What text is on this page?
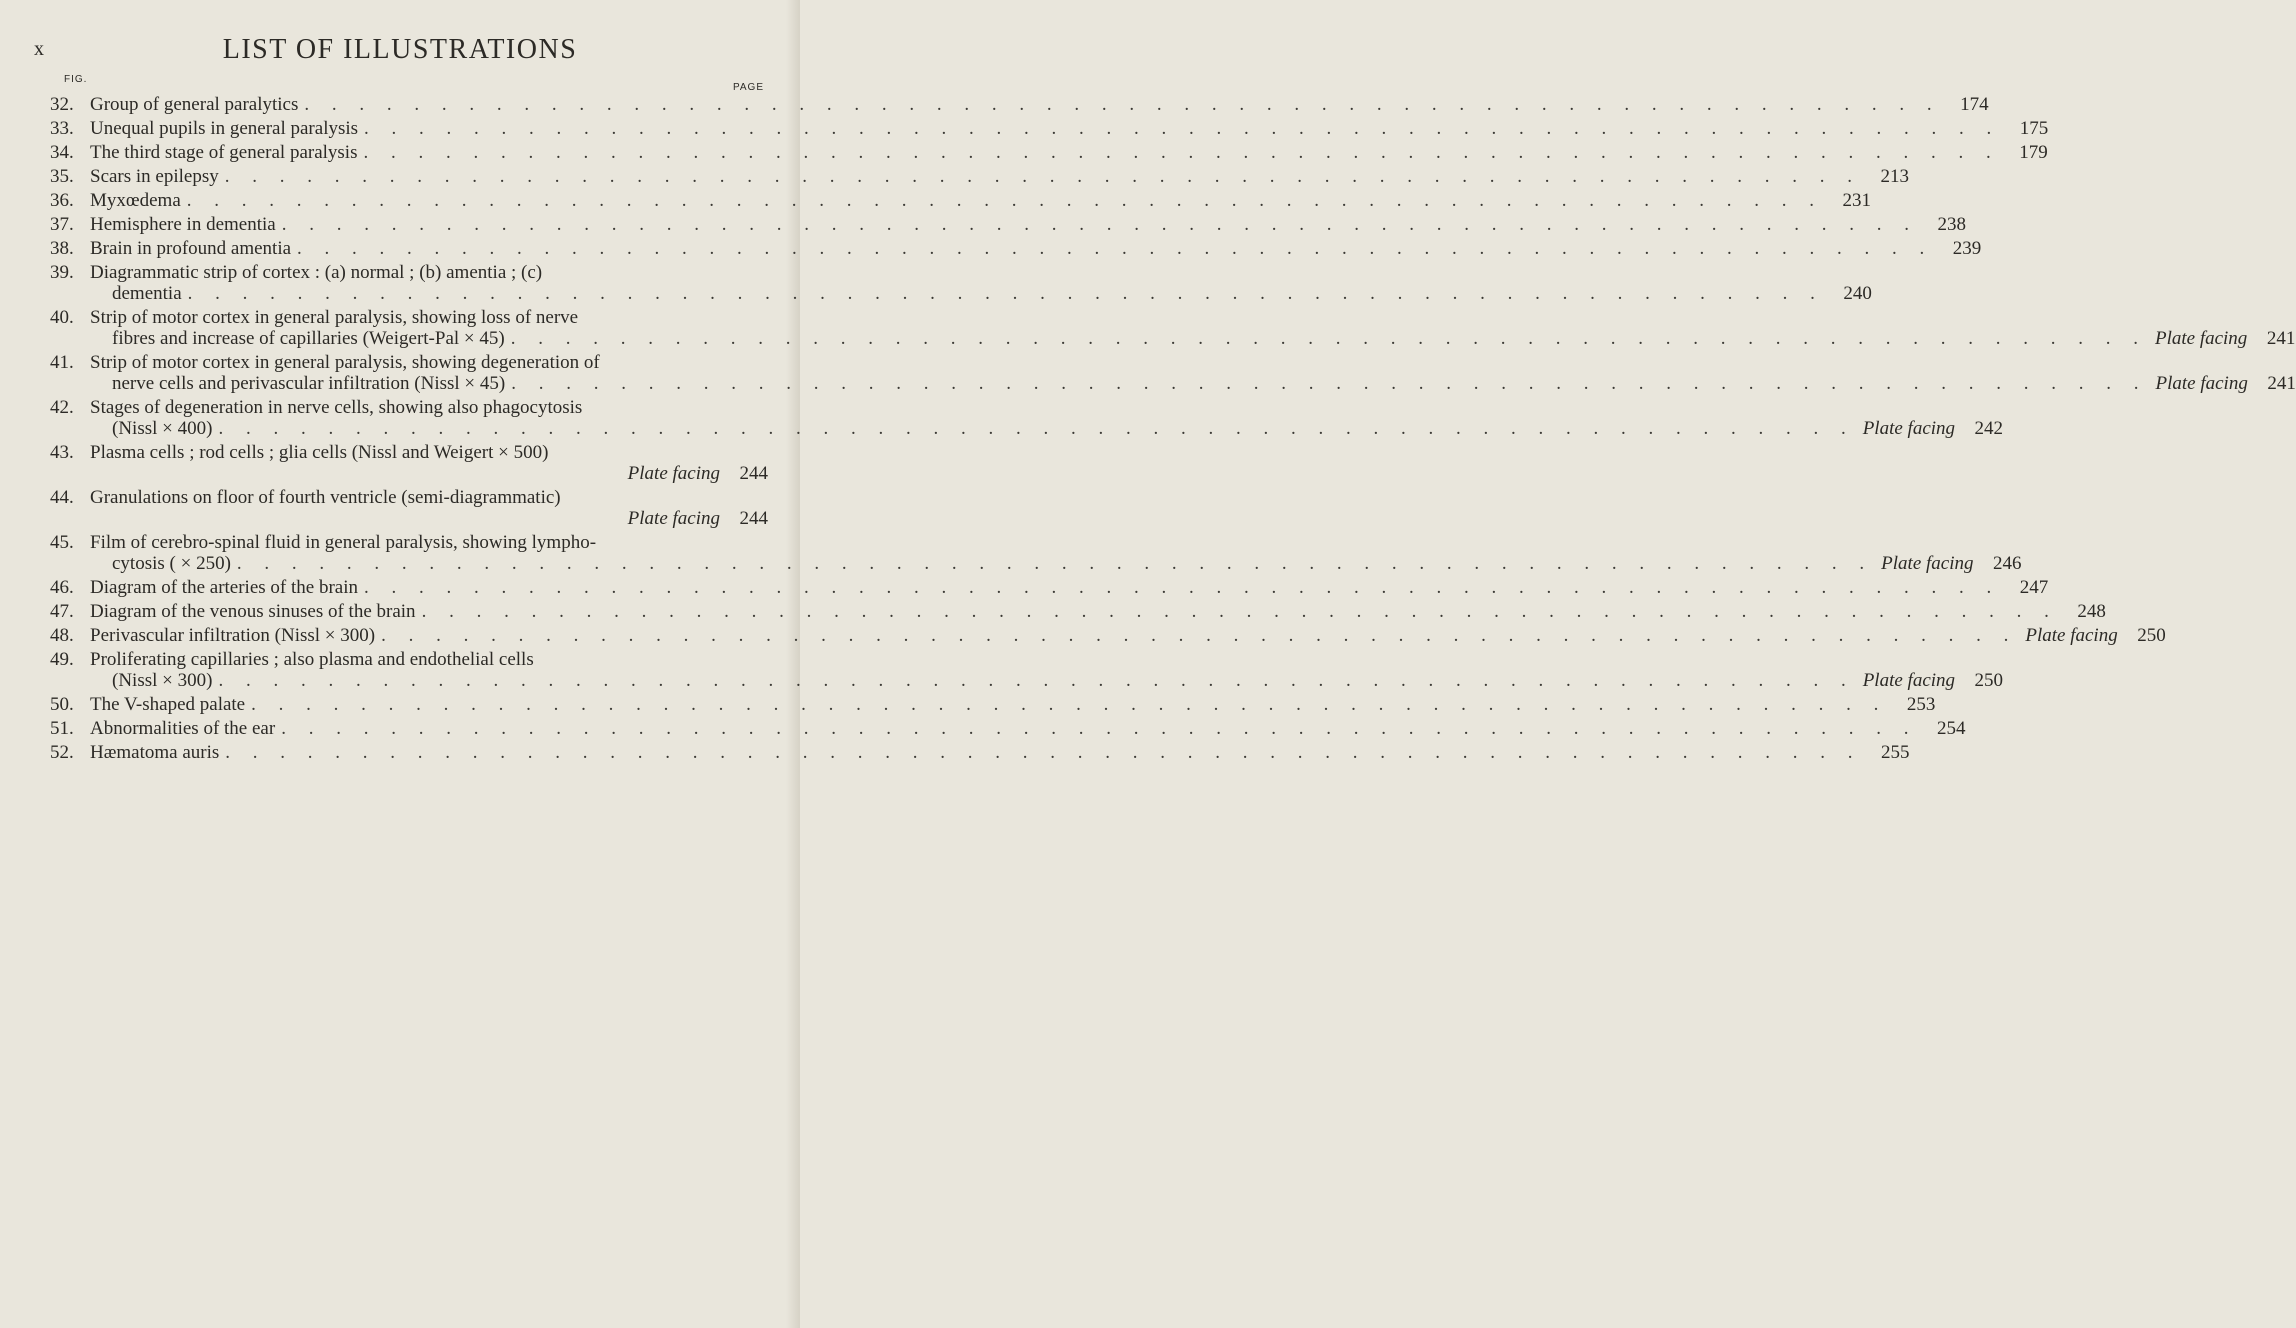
x	LIST OF ILLUSTRATIONS
FIG.
PAGE
32. Group of general paralytics . . . . . . . . . . . . . . . . . . . . . . . . . . . . . . . . . . . . . . . . . . . . . . . . . . . . . . . . . . . .	174
33. Unequal pupils in general paralysis . . . . . . . . . . . . . . . . . . . . . . . . . . . . . . . . . . . . . . . . . . . . . . . . . . . . . . . . . . . .	175
34. The third stage of general paralysis . . . . . . . . . . . . . . . . . . . . . . . . . . . . . . . . . . . . . . . . . . . . . . . . . . . . . . . . . . . .	179
35. Scars in epilepsy . . . . . . . . . . . . . . . . . . . . . . . . . . . . . . . . . . . . . . . . . . . . . . . . . . . . . . . . . . . .	213
36. Myxœdema . . . . . . . . . . . . . . . . . . . . . . . . . . . . . . . . . . . . . . . . . . . . . . . . . . . . . . . . . . . .	231
37. Hemisphere in dementia . . . . . . . . . . . . . . . . . . . . . . . . . . . . . . . . . . . . . . . . . . . . . . . . . . . . . . . . . . . .	238
38. Brain in profound amentia . . . . . . . . . . . . . . . . . . . . . . . . . . . . . . . . . . . . . . . . . . . . . . . . . . . . . . . . . . . .	239
39. Diagrammatic strip of cortex : (a) normal ; (b) amentia ; (c)
dementia . . . . . . . . . . . . . . . . . . . . . . . . . . . . . . . . . . . . . . . . . . . . . . . . . . . . . . . . . . . .	240
40. Strip of motor cortex in general paralysis, showing loss of nerve
fibres and increase of capillaries (Weigert-Pal × 45) . . . . . . . . . . . . . . . . . . . . . . . . . . . . . . . . . . . . . . . . . . . . . . . . . . . . . . . . . . . . Plate facing	241
41. Strip of motor cortex in general paralysis, showing degeneration of
nerve cells and perivascular infiltration (Nissl × 45) . . . . . . . . . . . . . . . . . . . . . . . . . . . . . . . . . . . . . . . . . . . . . . . . . . . . . . . . . . . . Plate facing	241
42. Stages of degeneration in nerve cells, showing also phagocytosis
(Nissl × 400) . . . . . . . . . . . . . . . . . . . . . . . . . . . . . . . . . . . . . . . . . . . . . . . . . . . . . . . . . . . . Plate facing	242
43. Plasma cells ; rod cells ; glia cells (Nissl and Weigert × 500)
Plate facing	244
44. Granulations on floor of fourth ventricle (semi-diagrammatic)
Plate facing	244
45. Film of cerebro-spinal fluid in general paralysis, showing lympho-
cytosis ( × 250) . . . . . . . . . . . . . . . . . . . . . . . . . . . . . . . . . . . . . . . . . . . . . . . . . . . . . . . . . . . . Plate facing	246
46. Diagram of the arteries of the brain . . . . . . . . . . . . . . . . . . . . . . . . . . . . . . . . . . . . . . . . . . . . . . . . . . . . . . . . . . . .	247
47. Diagram of the venous sinuses of the brain . . . . . . . . . . . . . . . . . . . . . . . . . . . . . . . . . . . . . . . . . . . . . . . . . . . . . . . . . . . .	248
48. Perivascular infiltration (Nissl × 300) . . . . . . . . . . . . . . . . . . . . . . . . . . . . . . . . . . . . . . . . . . . . . . . . . . . . . . . . . . . . Plate facing	250
49. Proliferating capillaries ; also plasma and endothelial cells
(Nissl × 300) . . . . . . . . . . . . . . . . . . . . . . . . . . . . . . . . . . . . . . . . . . . . . . . . . . . . . . . . . . . . Plate facing	250
50. The V-shaped palate . . . . . . . . . . . . . . . . . . . . . . . . . . . . . . . . . . . . . . . . . . . . . . . . . . . . . . . . . . . .	253
51. Abnormalities of the ear . . . . . . . . . . . . . . . . . . . . . . . . . . . . . . . . . . . . . . . . . . . . . . . . . . . . . . . . . . . .	254
52. Hæmatoma auris . . . . . . . . . . . . . . . . . . . . . . . . . . . . . . . . . . . . . . . . . . . . . . . . . . . . . . . . . . . .	255
